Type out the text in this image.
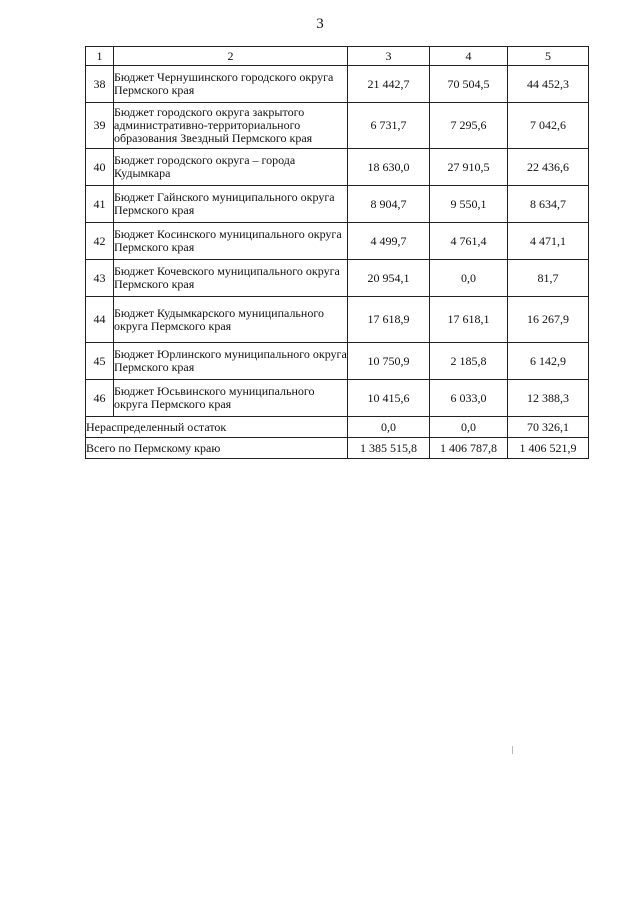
3
1	2	3	4	5
38	Бюджет Чернушинского городского округа Пермского края	21 442,7	70 504,5	44 452,3
39	Бюджет городского округа закрытого административно-территориального образования Звездный Пермского края	6 731,7	7 295,6	7 042,6
40	Бюджет городского округа – города Кудымкара	18 630,0	27 910,5	22 436,6
41	Бюджет Гайнского муниципального округа Пермского края	8 904,7	9 550,1	8 634,7
42	Бюджет Косинского муниципального округа Пермского края	4 499,7	4 761,4	4 471,1
43	Бюджет Кочевского муниципального округа Пермского края	20 954,1	0,0	81,7
44	Бюджет Кудымкарского муниципального округа Пермского края	17 618,9	17 618,1	16 267,9
45	Бюджет Юрлинского муниципального округа Пермского края	10 750,9	2 185,8	6 142,9
46	Бюджет Юсьвинского муниципального округа Пермского края	10 415,6	6 033,0	12 388,3
Нераспределенный остаток		0,0	0,0	70 326,1
Всего по Пермскому краю		1 385 515,8	1 406 787,8	1 406 521,9
